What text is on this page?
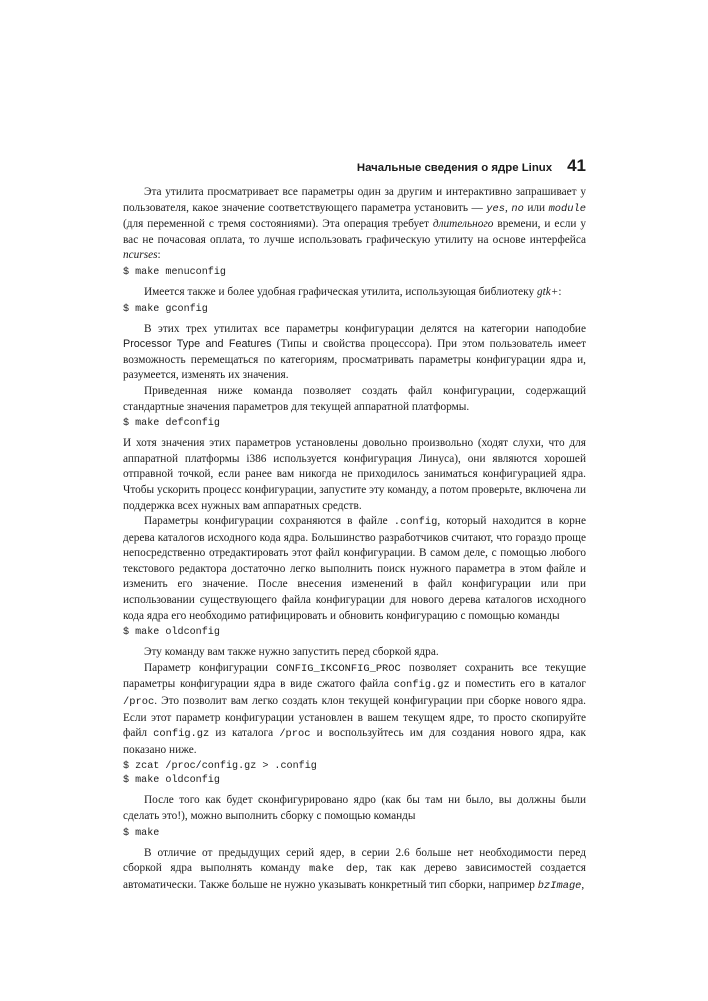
Начальные сведения о ядре Linux 41

Эта утилита просматривает все параметры один за другим и интерактивно запрашивает у пользователя, какое значение соответствующего параметра установить — yes, no или module (для переменной с тремя состояниями). Эта операция требует длительного времени, и если у вас не почасовая оплата, то лучше использовать графическую утилиту на основе интерфейса ncurses:

$ make menuconfig

Имеется также и более удобная графическая утилита, использующая библиотеку gtk+:

$ make gconfig

В этих трех утилитах все параметры конфигурации делятся на категории наподобие Processor Type and Features (Типы и свойства процессора). При этом пользователь имеет возможность перемещаться по категориям, просматривать параметры конфигурации ядра и, разумеется, изменять их значения.

Приведенная ниже команда позволяет создать файл конфигурации, содержащий стандартные значения параметров для текущей аппаратной платформы.

$ make defconfig

И хотя значения этих параметров установлены довольно произвольно (ходят слухи, что для аппаратной платформы i386 используется конфигурация Линуса), они являются хорошей отправной точкой, если ранее вам никогда не приходилось заниматься конфигурацией ядра. Чтобы ускорить процесс конфигурации, запустите эту команду, а потом проверьте, включена ли поддержка всех нужных вам аппаратных средств.

Параметры конфигурации сохраняются в файле .config, который находится в корне дерева каталогов исходного кода ядра. Большинство разработчиков считают, что гораздо проще непосредственно отредактировать этот файл конфигурации. В самом деле, с помощью любого текстового редактора достаточно легко выполнить поиск нужного параметра в этом файле и изменить его значение. После внесения изменений в файл конфигурации или при использовании существующего файла конфигурации для нового дерева каталогов исходного кода ядра его необходимо ратифицировать и обновить конфигурацию с помощью команды

$ make oldconfig

Эту команду вам также нужно запустить перед сборкой ядра.

Параметр конфигурации CONFIG_IKCONFIG_PROC позволяет сохранить все текущие параметры конфигурации ядра в виде сжатого файла config.gz и поместить его в каталог /proc. Это позволит вам легко создать клон текущей конфигурации при сборке нового ядра. Если этот параметр конфигурации установлен в вашем текущем ядре, то просто скопируйте файл config.gz из каталога /proc и воспользуйтесь им для создания нового ядра, как показано ниже.

$ zcat /proc/config.gz > .config
$ make oldconfig

После того как будет сконфигурировано ядро (как бы там ни было, вы должны были сделать это!), можно выполнить сборку с помощью команды

$ make

В отличие от предыдущих серий ядер, в серии 2.6 больше нет необходимости перед сборкой ядра выполнять команду make dep, так как дерево зависимостей создается автоматически. Также больше не нужно указывать конкретный тип сборки, например bzImage,
